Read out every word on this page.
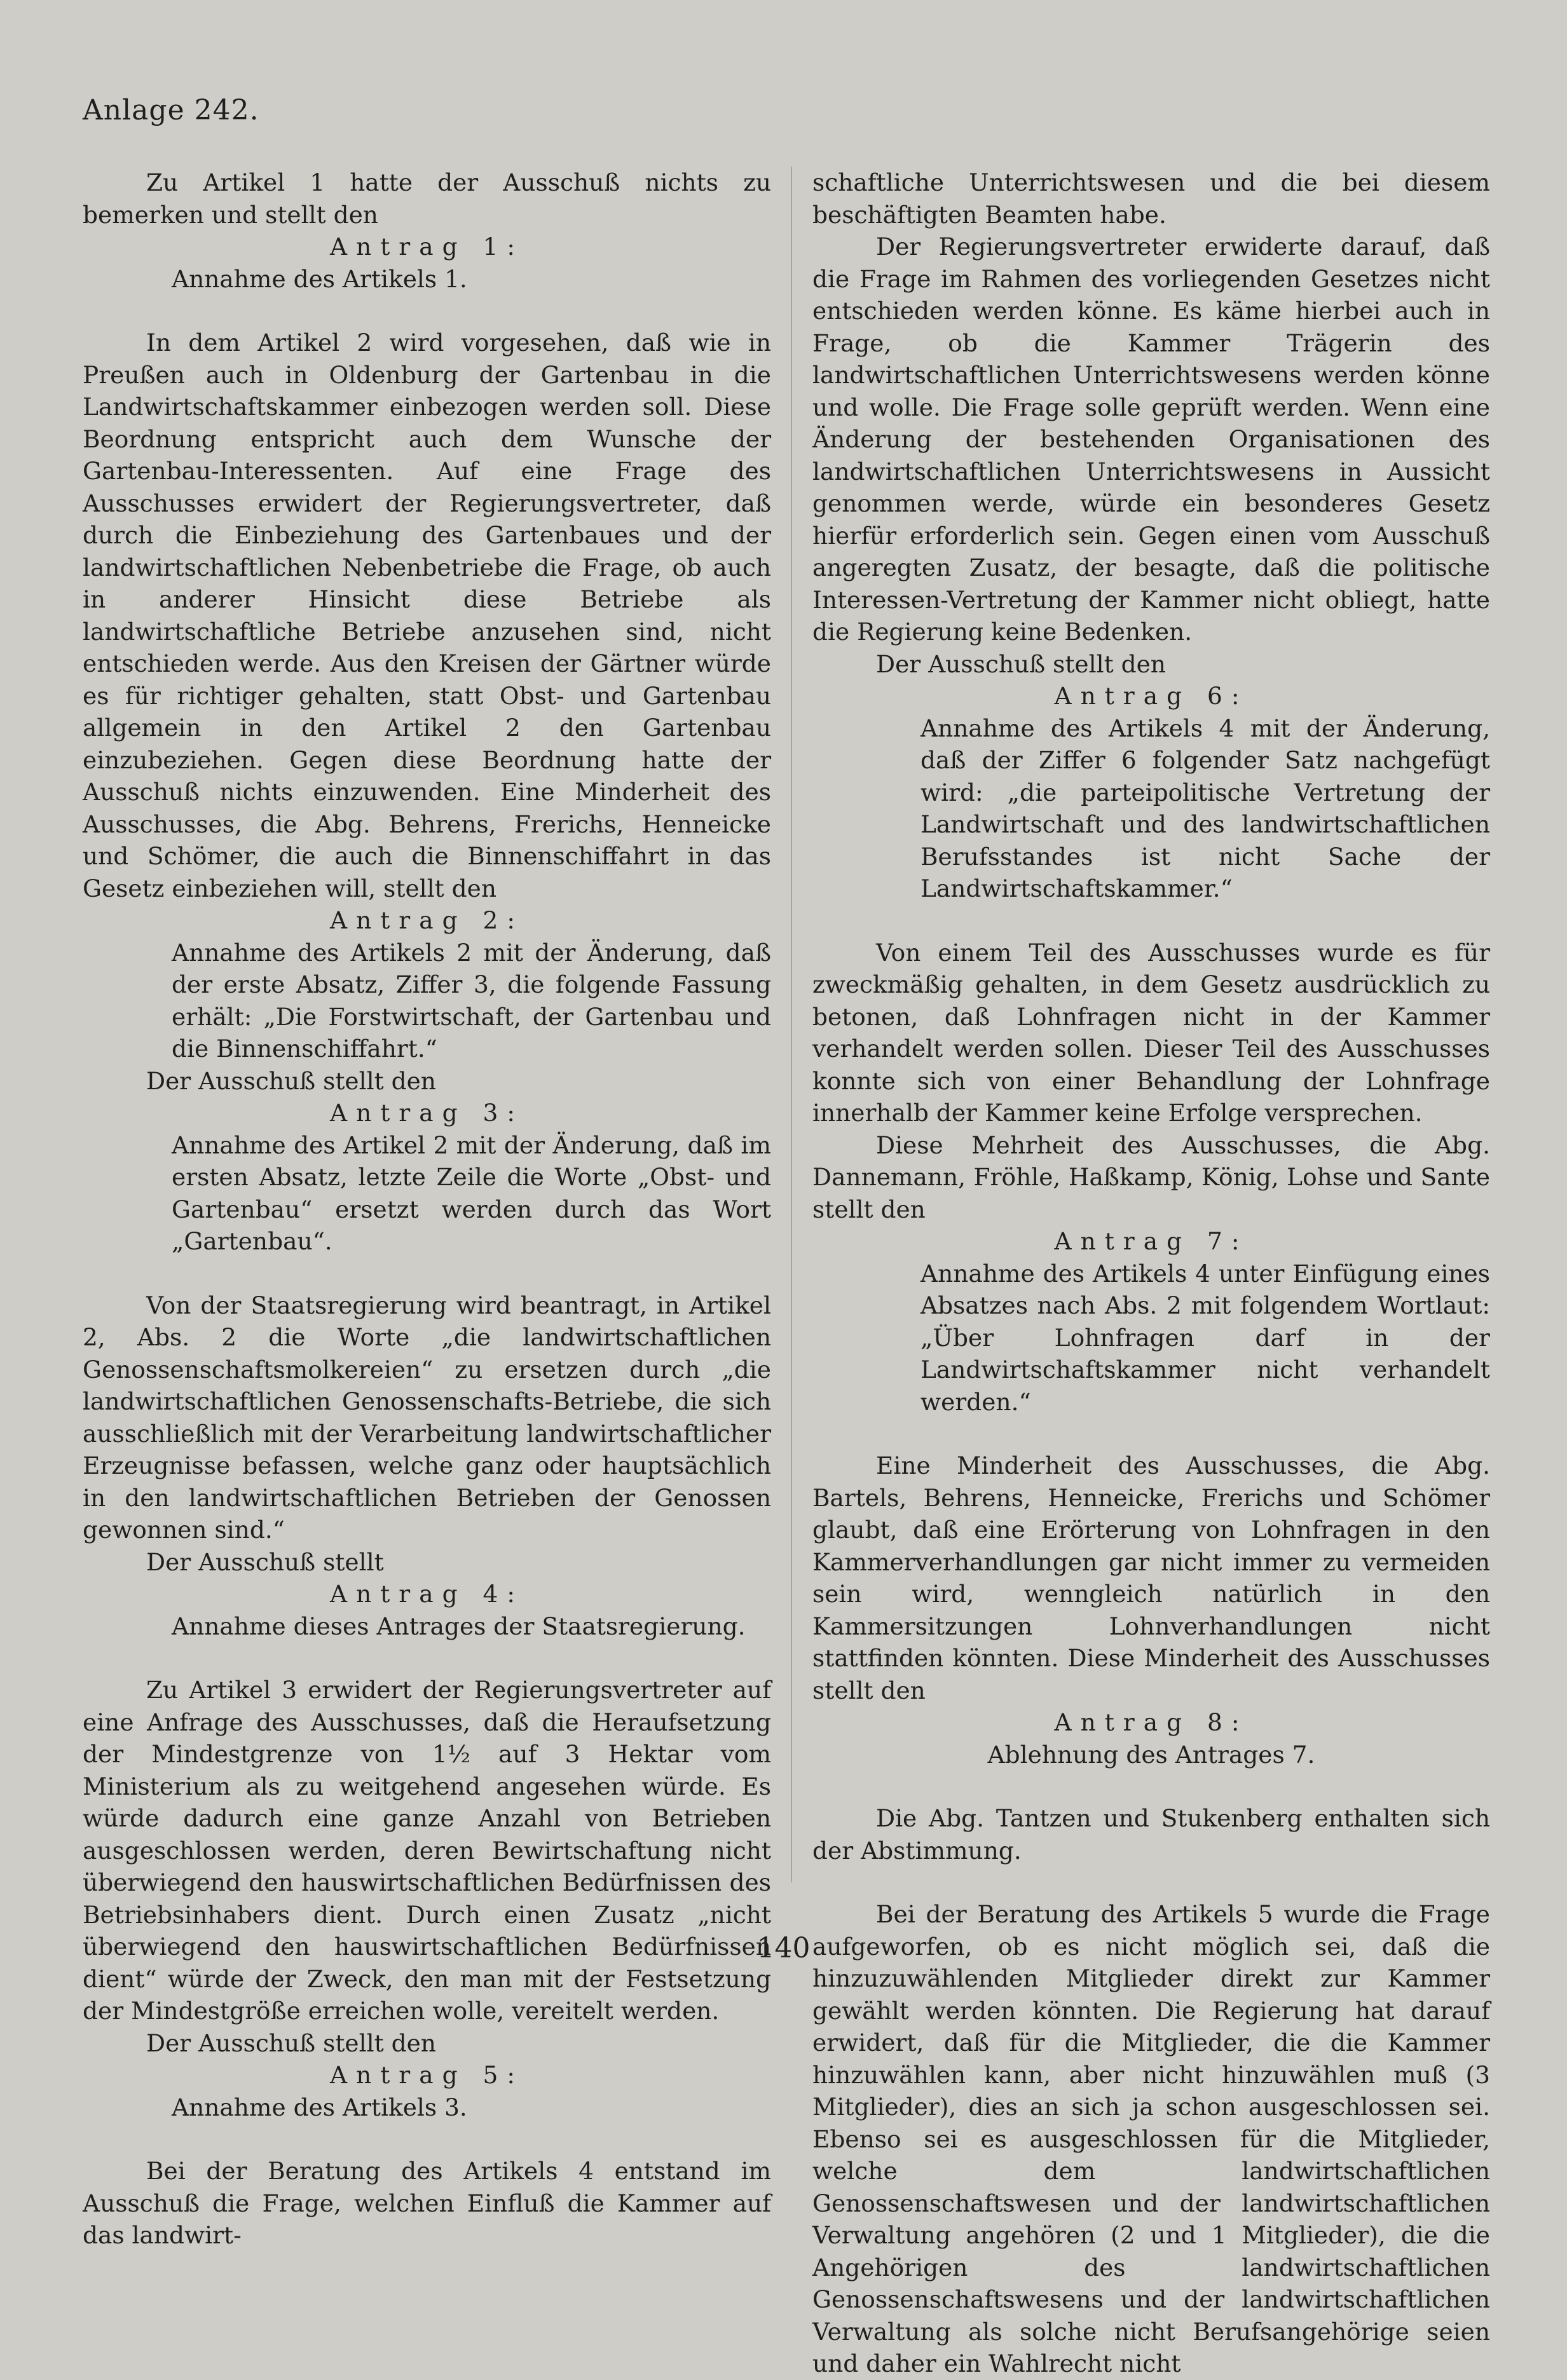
Anlage 242.

Zu Artikel 1 hatte der Ausschuß nichts zu bemerken und stellt den

Antrag 1:

Annahme des Artikels 1.

In dem Artikel 2 wird vorgesehen, daß wie in Preußen auch in Oldenburg der Gartenbau in die Landwirtschaftskammer einbezogen werden soll. Diese Beordnung entspricht auch dem Wunsche der Gartenbau-Interessenten. Auf eine Frage des Ausschusses erwidert der Regierungsvertreter, daß durch die Einbeziehung des Gartenbaues und der landwirtschaftlichen Nebenbetriebe die Frage, ob auch in anderer Hinsicht diese Betriebe als landwirtschaftliche Betriebe anzusehen sind, nicht entschieden werde. Aus den Kreisen der Gärtner würde es für richtiger gehalten, statt Obst- und Gartenbau allgemein in den Artikel 2 den Gartenbau einzubeziehen. Gegen diese Beordnung hatte der Ausschuß nichts einzuwenden. Eine Minderheit des Ausschusses, die Abg. Behrens, Frerichs, Henneicke und Schömer, die auch die Binnenschiffahrt in das Gesetz einbeziehen will, stellt den

Antrag 2:

Annahme des Artikels 2 mit der Änderung, daß der erste Absatz, Ziffer 3, die folgende Fassung erhält: „Die Forstwirtschaft, der Gartenbau und die Binnenschiffahrt.“

Der Ausschuß stellt den

Antrag 3:

Annahme des Artikel 2 mit der Änderung, daß im ersten Absatz, letzte Zeile die Worte „Obst- und Gartenbau“ ersetzt werden durch das Wort „Gartenbau“.

Von der Staatsregierung wird beantragt, in Artikel 2, Abs. 2 die Worte „die landwirtschaftlichen Genossenschaftsmolkereien“ zu ersetzen durch „die landwirtschaftlichen Genossenschafts-Betriebe, die sich ausschließlich mit der Verarbeitung landwirtschaftlicher Erzeugnisse befassen, welche ganz oder hauptsächlich in den landwirtschaftlichen Betrieben der Genossen gewonnen sind.“

Der Ausschuß stellt

Antrag 4:

Annahme dieses Antrages der Staatsregierung.

Zu Artikel 3 erwidert der Regierungsvertreter auf eine Anfrage des Ausschusses, daß die Heraufsetzung der Mindestgrenze von 1½ auf 3 Hektar vom Ministerium als zu weitgehend angesehen würde. Es würde dadurch eine ganze Anzahl von Betrieben ausgeschlossen werden, deren Bewirtschaftung nicht überwiegend den hauswirtschaftlichen Bedürfnissen des Betriebsinhabers dient. Durch einen Zusatz „nicht überwiegend den hauswirtschaftlichen Bedürfnissen dient“ würde der Zweck, den man mit der Festsetzung der Mindestgröße erreichen wolle, vereitelt werden.

Der Ausschuß stellt den

Antrag 5:

Annahme des Artikels 3.

Bei der Beratung des Artikels 4 entstand im Ausschuß die Frage, welchen Einfluß die Kammer auf das landwirt-

schaftliche Unterrichtswesen und die bei diesem beschäftigten Beamten habe.

Der Regierungsvertreter erwiderte darauf, daß die Frage im Rahmen des vorliegenden Gesetzes nicht entschieden werden könne. Es käme hierbei auch in Frage, ob die Kammer Trägerin des landwirtschaftlichen Unterrichtswesens werden könne und wolle. Die Frage solle geprüft werden. Wenn eine Änderung der bestehenden Organisationen des landwirtschaftlichen Unterrichtswesens in Aussicht genommen werde, würde ein besonderes Gesetz hierfür erforderlich sein. Gegen einen vom Ausschuß angeregten Zusatz, der besagte, daß die politische Interessen-Vertretung der Kammer nicht obliegt, hatte die Regierung keine Bedenken.

Der Ausschuß stellt den

Antrag 6:

Annahme des Artikels 4 mit der Änderung, daß der Ziffer 6 folgender Satz nachgefügt wird: „die parteipolitische Vertretung der Landwirtschaft und des landwirtschaftlichen Berufsstandes ist nicht Sache der Landwirtschaftskammer.“

Von einem Teil des Ausschusses wurde es für zweckmäßig gehalten, in dem Gesetz ausdrücklich zu betonen, daß Lohnfragen nicht in der Kammer verhandelt werden sollen. Dieser Teil des Ausschusses konnte sich von einer Behandlung der Lohnfrage innerhalb der Kammer keine Erfolge versprechen.

Diese Mehrheit des Ausschusses, die Abg. Dannemann, Fröhle, Haßkamp, König, Lohse und Sante stellt den

Antrag 7:

Annahme des Artikels 4 unter Einfügung eines Absatzes nach Abs. 2 mit folgendem Wortlaut: „Über Lohnfragen darf in der Landwirtschaftskammer nicht verhandelt werden.“

Eine Minderheit des Ausschusses, die Abg. Bartels, Behrens, Henneicke, Frerichs und Schömer glaubt, daß eine Erörterung von Lohnfragen in den Kammerverhandlungen gar nicht immer zu vermeiden sein wird, wenngleich natürlich in den Kammersitzungen Lohnverhandlungen nicht stattfinden könnten. Diese Minderheit des Ausschusses stellt den

Antrag 8:

Ablehnung des Antrages 7.

Die Abg. Tantzen und Stukenberg enthalten sich der Abstimmung.

Bei der Beratung des Artikels 5 wurde die Frage aufgeworfen, ob es nicht möglich sei, daß die hinzuzuwählenden Mitglieder direkt zur Kammer gewählt werden könnten. Die Regierung hat darauf erwidert, daß für die Mitglieder, die die Kammer hinzuwählen kann, aber nicht hinzuwählen muß (3 Mitglieder), dies an sich ja schon ausgeschlossen sei. Ebenso sei es ausgeschlossen für die Mitglieder, welche dem landwirtschaftlichen Genossenschaftswesen und der landwirtschaftlichen Verwaltung angehören (2 und 1 Mitglieder), die die Angehörigen des landwirtschaftlichen Genossenschaftswesens und der landwirtschaftlichen Verwaltung als solche nicht Berufsangehörige seien und daher ein Wahlrecht nicht

140
